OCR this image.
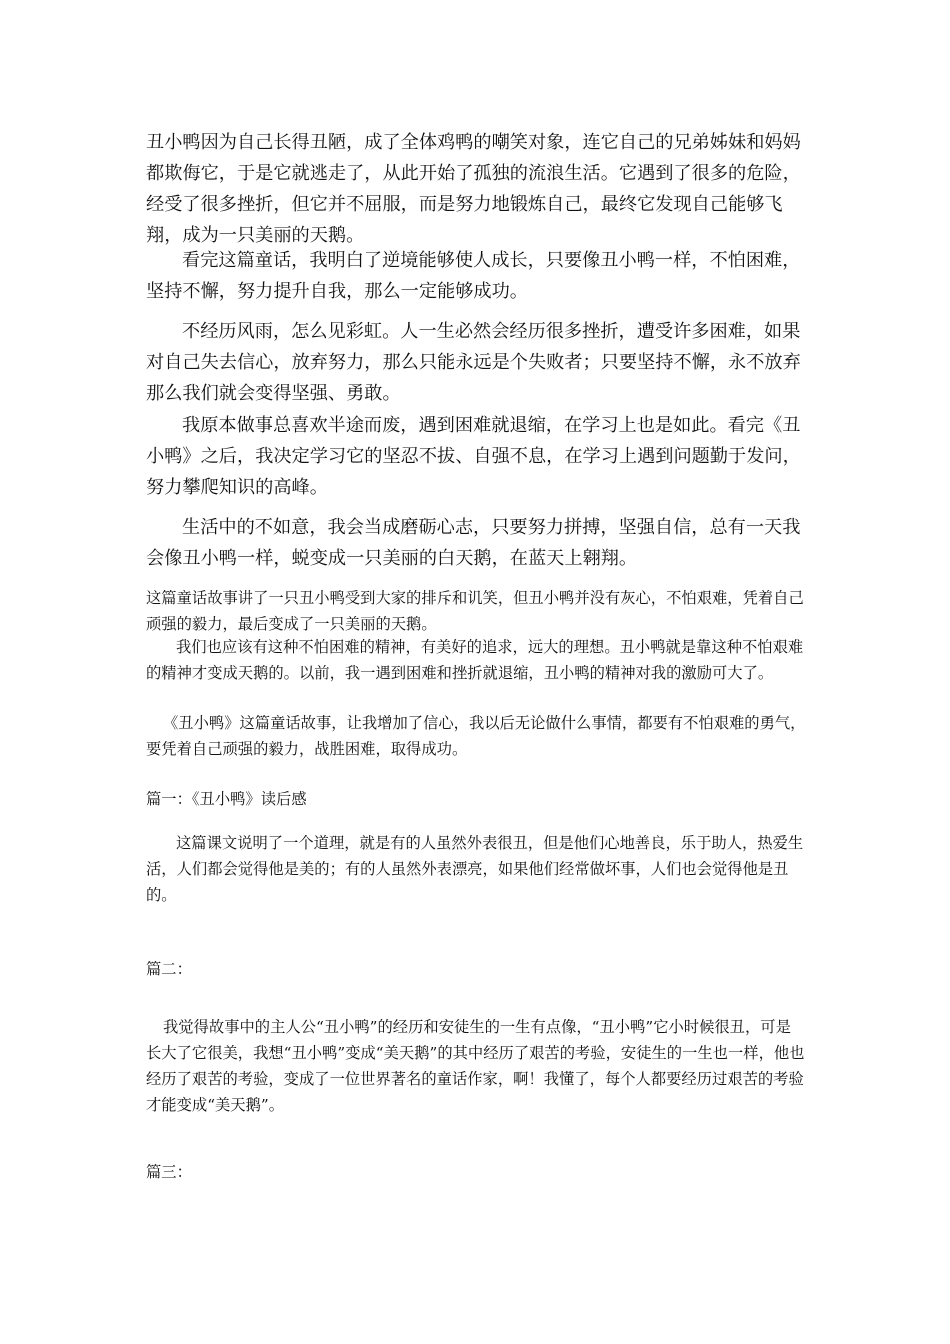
丑小鸭因为自己长得丑陋，成了全体鸡鸭的嘲笑对象，连它自己的兄弟姊妹和妈妈都欺侮它，于是它就逃走了，从此开始了孤独的流浪生活。它遇到了很多的危险，经受了很多挫折，但它并不屈服，而是努力地锻炼自己，最终它发现自己能够飞翔，成为一只美丽的天鹅。

看完这篇童话，我明白了逆境能够使人成长，只要像丑小鸭一样，不怕困难，坚持不懈，努力提升自我，那么一定能够成功。

不经历风雨，怎么见彩虹。人一生必然会经历很多挫折，遭受许多困难，如果对自己失去信心，放弃努力，那么只能永远是个失败者；只要坚持不懈，永不放弃那么我们就会变得坚强、勇敢。

我原本做事总喜欢半途而废，遇到困难就退缩，在学习上也是如此。看完《丑小鸭》之后，我决定学习它的坚忍不拔、自强不息，在学习上遇到问题勤于发问，努力攀爬知识的高峰。

生活中的不如意，我会当成磨砺心志，只要努力拼搏，坚强自信，总有一天我会像丑小鸭一样，蜕变成一只美丽的白天鹅，在蓝天上翱翔。

这篇童话故事讲了一只丑小鸭受到大家的排斥和讥笑，但丑小鸭并没有灰心，不怕艰难，凭着自己顽强的毅力，最后变成了一只美丽的天鹅。

我们也应该有这种不怕困难的精神，有美好的追求，远大的理想。丑小鸭就是靠这种不怕艰难的精神才变成天鹅的。以前，我一遇到困难和挫折就退缩，丑小鸭的精神对我的激励可大了。

《丑小鸭》这篇童话故事，让我增加了信心，我以后无论做什么事情，都要有不怕艰难的勇气，要凭着自己顽强的毅力，战胜困难，取得成功。

篇一：《丑小鸭》读后感

这篇课文说明了一个道理，就是有的人虽然外表很丑，但是他们心地善良，乐于助人，热爱生活，人们都会觉得他是美的；有的人虽然外表漂亮，如果他们经常做坏事，人们也会觉得他是丑的。

篇二：

我觉得故事中的主人公“丑小鸭”的经历和安徒生的一生有点像，“丑小鸭”它小时候很丑，可是长大了它很美，我想“丑小鸭”变成“美天鹅”的其中经历了艰苦的考验，安徒生的一生也一样，他也经历了艰苦的考验，变成了一位世界著名的童话作家，啊！我懂了，每个人都要经历过艰苦的考验才能变成“美天鹅”。

篇三：
